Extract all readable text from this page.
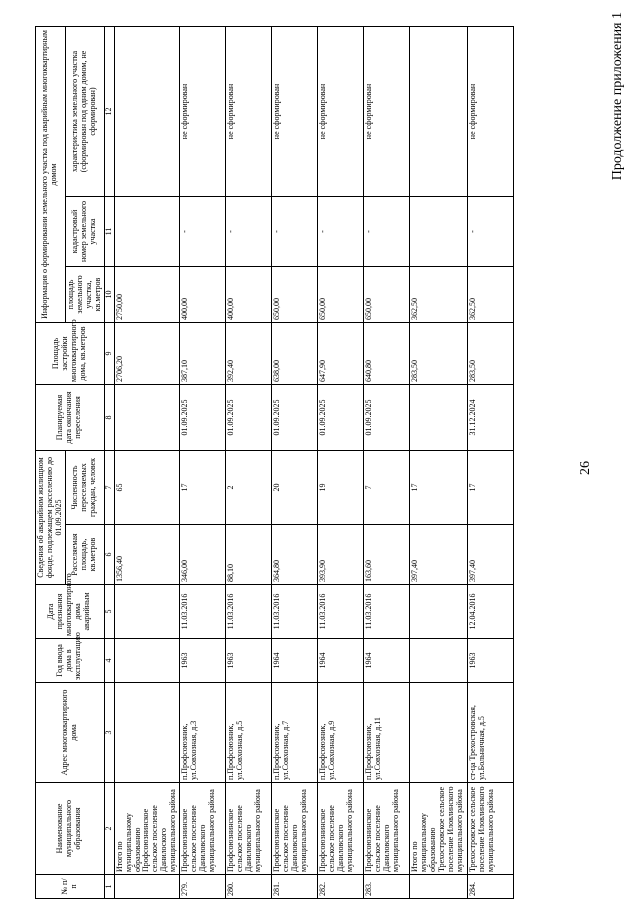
26
Продолжение приложения 1
№ п/п	Наименование муниципального образования	Адрес многоквартирного дома	Год ввода дома в эксплуатацию	Дата признания многоквартирного дома аварийным	Сведения об аварийном жилищном фонде, подлежащем расселению до 01.09.2025		Планируемая дата окончания переселения	Площадь застройки многоквартирного дома, кв.метров	Информация о формировании земельного участка под аварийным многоквартирным домом		
					Расселяемая площадь, кв.метров	Численность переселяемых граждан, человек			площадь земельного участка, кв.метров	кадастровый номер земельного участка	характеристика земельного участка (сформирован под одним домом, не сформирован)
1	2	3	4	5	6	7	8	9	10	11	12
	Итого по муниципальному образованию Профсоюзнинское сельское поселение Данилоского муниципального района				1356,40	65		2706,20	2750,00		
279.	Профсоюзнинское сельское поселение Даниловского муниципального района	п.Профсоюзник, ул.Совхозная, д.3	1963	11.03.2016	346,00	17	01.09.2025	387,10	400,00	-	не сформирован
280.	Профсоюзнинское сельское поселение Даниловского муниципального района	п.Профсоюзник, ул.Совхозная, д.5	1963	11.03.2016	88,10	2	01.09.2025	392,40	400,00	-	не сформирован
281.	Профсоюзнинское сельское поселение Даниловского муниципального района	п.Профсоюзник, ул.Совхозная, д.7	1964	11.03.2016	364,80	20	01.09.2025	638,00	650,00	-	не сформирован
282.	Профсоюзнинское сельское поселение Даниловского муниципального района	п.Профсоюзник, ул.Совхозная, д.9	1964	11.03.2016	393,90	19	01.09.2025	647,90	650,00	-	не сформирован
283.	Профсоюзнинское сельское поселение Даниловского муниципального района	п.Профсоюзник, ул.Совхозная, д.11	1964	11.03.2016	163,60	7	01.09.2025	640,80	650,00	-	не сформирован
	Итого по муниципальному образованию Трехостровское сельское поселение Иловлинского муниципального района				397,40	17		283,50	362,50		
284.	Трехостровское сельское поселение Иловлинского муниципального района	ст-ца Трехостровская, ул.Больничная, д.5	1963	12.04.2016	397,40	17	31.12.2024	283,50	362,50	-	не сформирован
